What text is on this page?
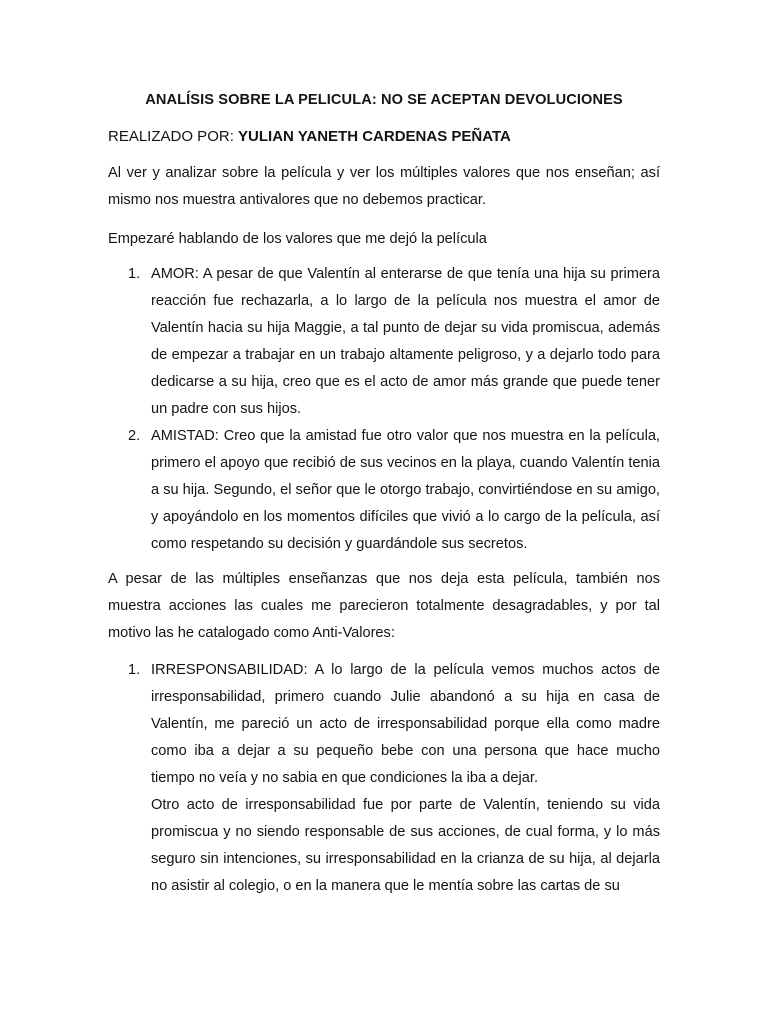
ANALÍSIS SOBRE LA PELICULA: NO SE ACEPTAN DEVOLUCIONES
REALIZADO POR: YULIAN YANETH CARDENAS PEÑATA

Al ver y analizar sobre la película y ver los múltiples valores que nos enseñan; así mismo nos muestra antivalores que no debemos practicar.

Empezaré hablando de los valores que me dejó la película

1. AMOR: A pesar de que Valentín al enterarse de que tenía una hija su primera reacción fue rechazarla, a lo largo de la película nos muestra el amor de Valentín hacia su hija Maggie, a tal punto de dejar su vida promiscua, además de empezar a trabajar en un trabajo altamente peligroso, y a dejarlo todo para dedicarse a su hija, creo que es el acto de amor más grande que puede tener un padre con sus hijos.
2. AMISTAD: Creo que la amistad fue otro valor que nos muestra en la película, primero el apoyo que recibió de sus vecinos en la playa, cuando Valentín tenia a su hija. Segundo, el señor que le otorgo trabajo, convirtiéndose en su amigo, y apoyándolo en los momentos difíciles que vivió a lo cargo de la película, así como respetando su decisión y guardándole sus secretos.

A pesar de las múltiples enseñanzas que nos deja esta película, también nos muestra acciones las cuales me parecieron totalmente desagradables, y por tal motivo las he catalogado como Anti-Valores:

1. IRRESPONSABILIDAD: A lo largo de la película vemos muchos actos de irresponsabilidad, primero cuando Julie abandonó a su hija en casa de Valentín, me pareció un acto de irresponsabilidad porque ella como madre como iba a dejar a su pequeño bebe con una persona que hace mucho tiempo no veía y no sabia en que condiciones la iba a dejar.
Otro acto de irresponsabilidad fue por parte de Valentín, teniendo su vida promiscua y no siendo responsable de sus acciones, de cual forma, y lo más seguro sin intenciones, su irresponsabilidad en la crianza de su hija, al dejarla no asistir al colegio, o en la manera que le mentía sobre las cartas de su
